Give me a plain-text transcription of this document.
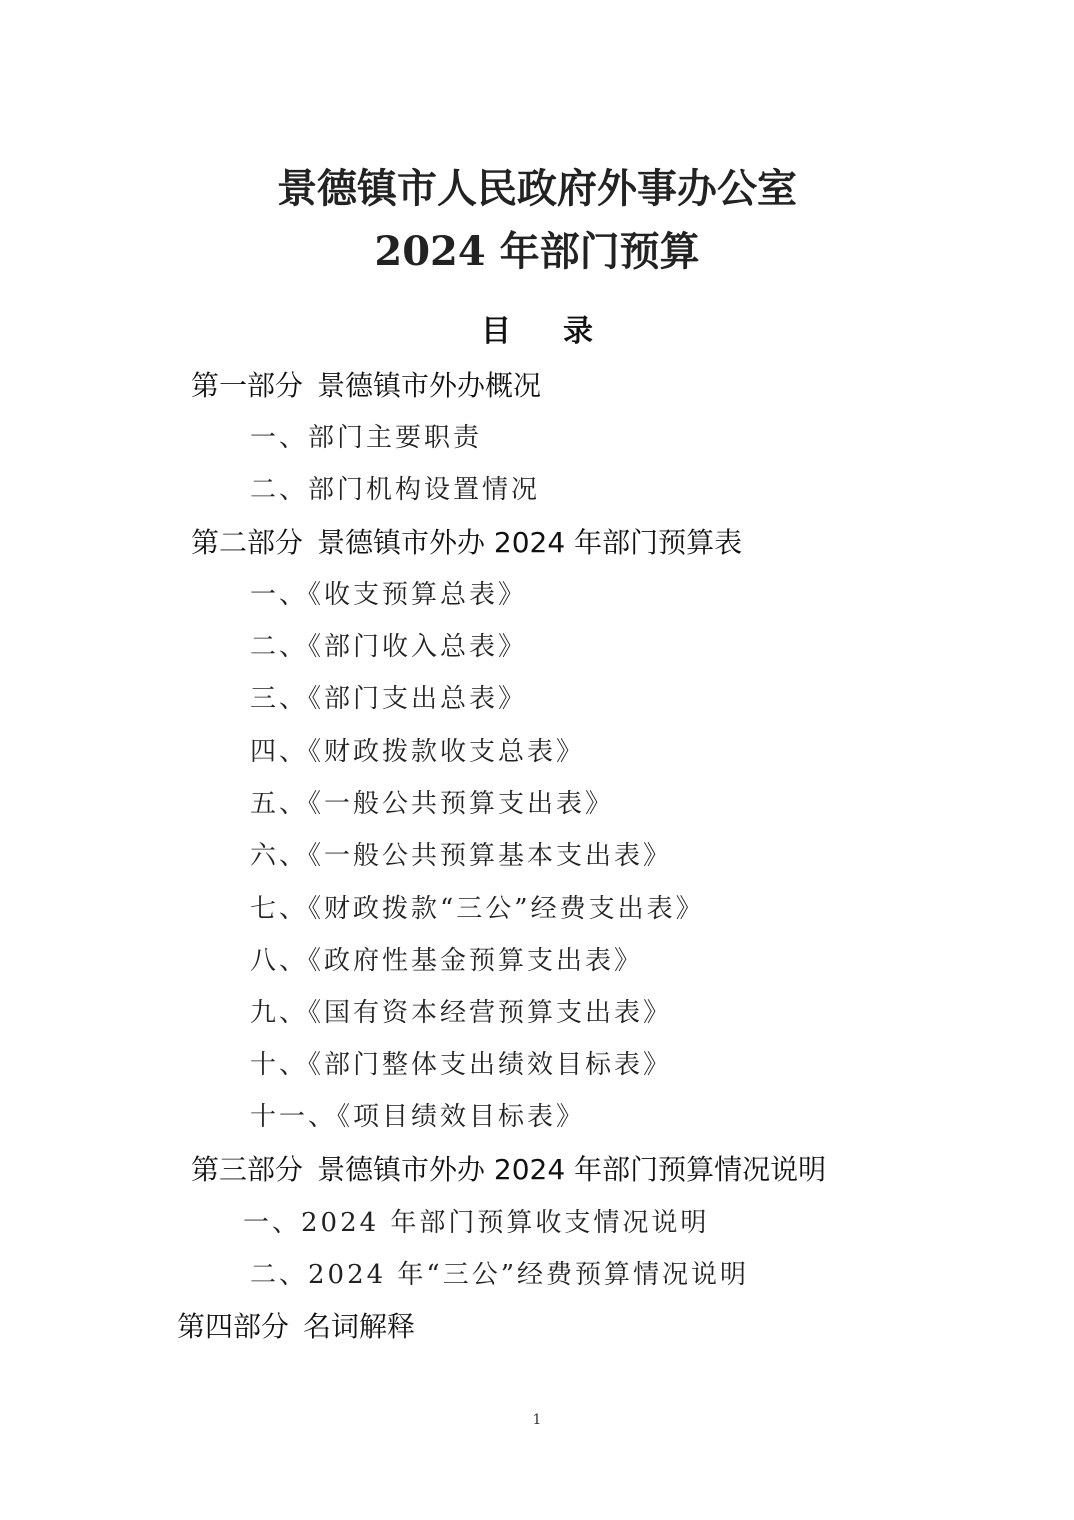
景德镇市人民政府外事办公室
2024 年部门预算
目录
第一部分 景德镇市外办概况
一、部门主要职责
二、部门机构设置情况
第二部分 景德镇市外办 2024 年部门预算表
一、《收支预算总表》
二、《部门收入总表》
三、《部门支出总表》
四、《财政拨款收支总表》
五、《一般公共预算支出表》
六、《一般公共预算基本支出表》
七、《财政拨款“三公”经费支出表》
八、《政府性基金预算支出表》
九、《国有资本经营预算支出表》
十、《部门整体支出绩效目标表》
十一、《项目绩效目标表》
第三部分 景德镇市外办 2024 年部门预算情况说明
一、2024 年部门预算收支情况说明
二、2024 年“三公”经费预算情况说明
第四部分 名词解释
1
